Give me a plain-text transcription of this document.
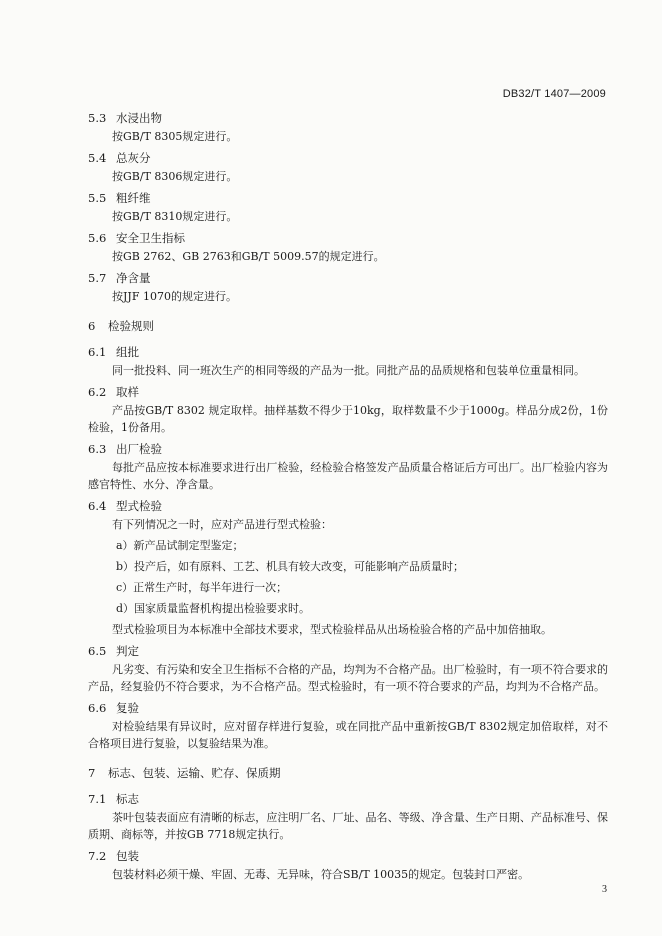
DB32/T 1407—2009
5.3 水浸出物
按GB/T 8305规定进行。
5.4 总灰分
按GB/T 8306规定进行。
5.5 粗纤维
按GB/T 8310规定进行。
5.6 安全卫生指标
按GB 2762、GB 2763和GB/T 5009.57的规定进行。
5.7 净含量
按JJF 1070的规定进行。
6 检验规则
6.1 组批
同一批投料、同一班次生产的相同等级的产品为一批。同批产品的品质规格和包装单位重量相同。
6.2 取样
产品按GB/T 8302 规定取样。抽样基数不得少于10kg，取样数量不少于1000g。样品分成2份，1份检验，1份备用。
6.3 出厂检验
每批产品应按本标准要求进行出厂检验，经检验合格签发产品质量合格证后方可出厂。出厂检验内容为感官特性、水分、净含量。
6.4 型式检验
有下列情况之一时，应对产品进行型式检验：
a）新产品试制定型鉴定；
b）投产后，如有原料、工艺、机具有较大改变，可能影响产品质量时；
c）正常生产时，每半年进行一次；
d）国家质量监督机构提出检验要求时。
型式检验项目为本标准中全部技术要求，型式检验样品从出场检验合格的产品中加倍抽取。
6.5 判定
凡劣变、有污染和安全卫生指标不合格的产品，均判为不合格产品。出厂检验时，有一项不符合要求的产品，经复验仍不符合要求，为不合格产品。型式检验时，有一项不符合要求的产品，均判为不合格产品。
6.6 复验
对检验结果有异议时，应对留存样进行复验，或在同批产品中重新按GB/T 8302规定加倍取样，对不合格项目进行复验，以复验结果为准。
7 标志、包装、运输、贮存、保质期
7.1 标志
茶叶包装表面应有清晰的标志，应注明厂名、厂址、品名、等级、净含量、生产日期、产品标准号、保质期、商标等，并按GB 7718规定执行。
7.2 包装
包装材料必须干燥、牢固、无毒、无异味，符合SB/T 10035的规定。包装封口严密。
3
